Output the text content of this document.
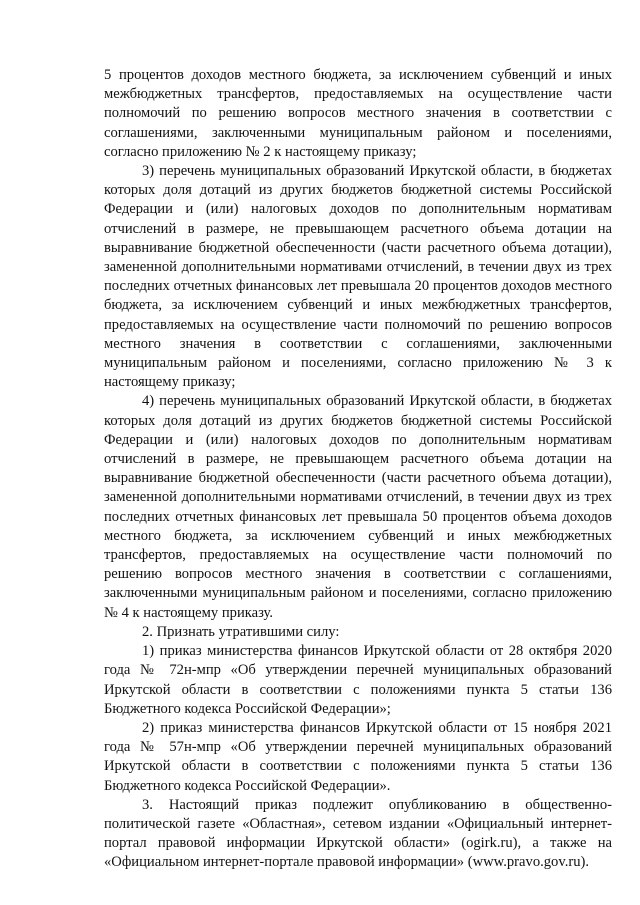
5 процентов доходов местного бюджета, за исключением субвенций и иных межбюджетных трансфертов, предоставляемых на осуществление части полномочий по решению вопросов местного значения в соответствии с соглашениями, заключенными муниципальным районом и поселениями, согласно приложению № 2 к настоящему приказу;

3) перечень муниципальных образований Иркутской области, в бюджетах которых доля дотаций из других бюджетов бюджетной системы Российской Федерации и (или) налоговых доходов по дополнительным нормативам отчислений в размере, не превышающем расчетного объема дотации на выравнивание бюджетной обеспеченности (части расчетного объема дотации), замененной дополнительными нормативами отчислений, в течении двух из трех последних отчетных финансовых лет превышала 20 процентов доходов местного бюджета, за исключением субвенций и иных межбюджетных трансфертов, предоставляемых на осуществление части полномочий по решению вопросов местного значения в соответствии с соглашениями, заключенными муниципальным районом и поселениями, согласно приложению № 3 к настоящему приказу;

4) перечень муниципальных образований Иркутской области, в бюджетах которых доля дотаций из других бюджетов бюджетной системы Российской Федерации и (или) налоговых доходов по дополнительным нормативам отчислений в размере, не превышающем расчетного объема дотации на выравнивание бюджетной обеспеченности (части расчетного объема дотации), замененной дополнительными нормативами отчислений, в течении двух из трех последних отчетных финансовых лет превышала 50 процентов объема доходов местного бюджета, за исключением субвенций и иных межбюджетных трансфертов, предоставляемых на осуществление части полномочий по решению вопросов местного значения в соответствии с соглашениями, заключенными муниципальным районом и поселениями, согласно приложению № 4 к настоящему приказу.

2. Признать утратившими силу:

1) приказ министерства финансов Иркутской области от 28 октября 2020 года № 72н-мпр «Об утверждении перечней муниципальных образований Иркутской области в соответствии с положениями пункта 5 статьи 136 Бюджетного кодекса Российской Федерации»;

2) приказ министерства финансов Иркутской области от 15 ноября 2021 года № 57н-мпр «Об утверждении перечней муниципальных образований Иркутской области в соответствии с положениями пункта 5 статьи 136 Бюджетного кодекса Российской Федерации».

3. Настоящий приказ подлежит опубликованию в общественно-политической газете «Областная», сетевом издании «Официальный интернет-портал правовой информации Иркутской области» (ogirk.ru), а также на «Официальном интернет-портале правовой информации» (www.pravo.gov.ru).
